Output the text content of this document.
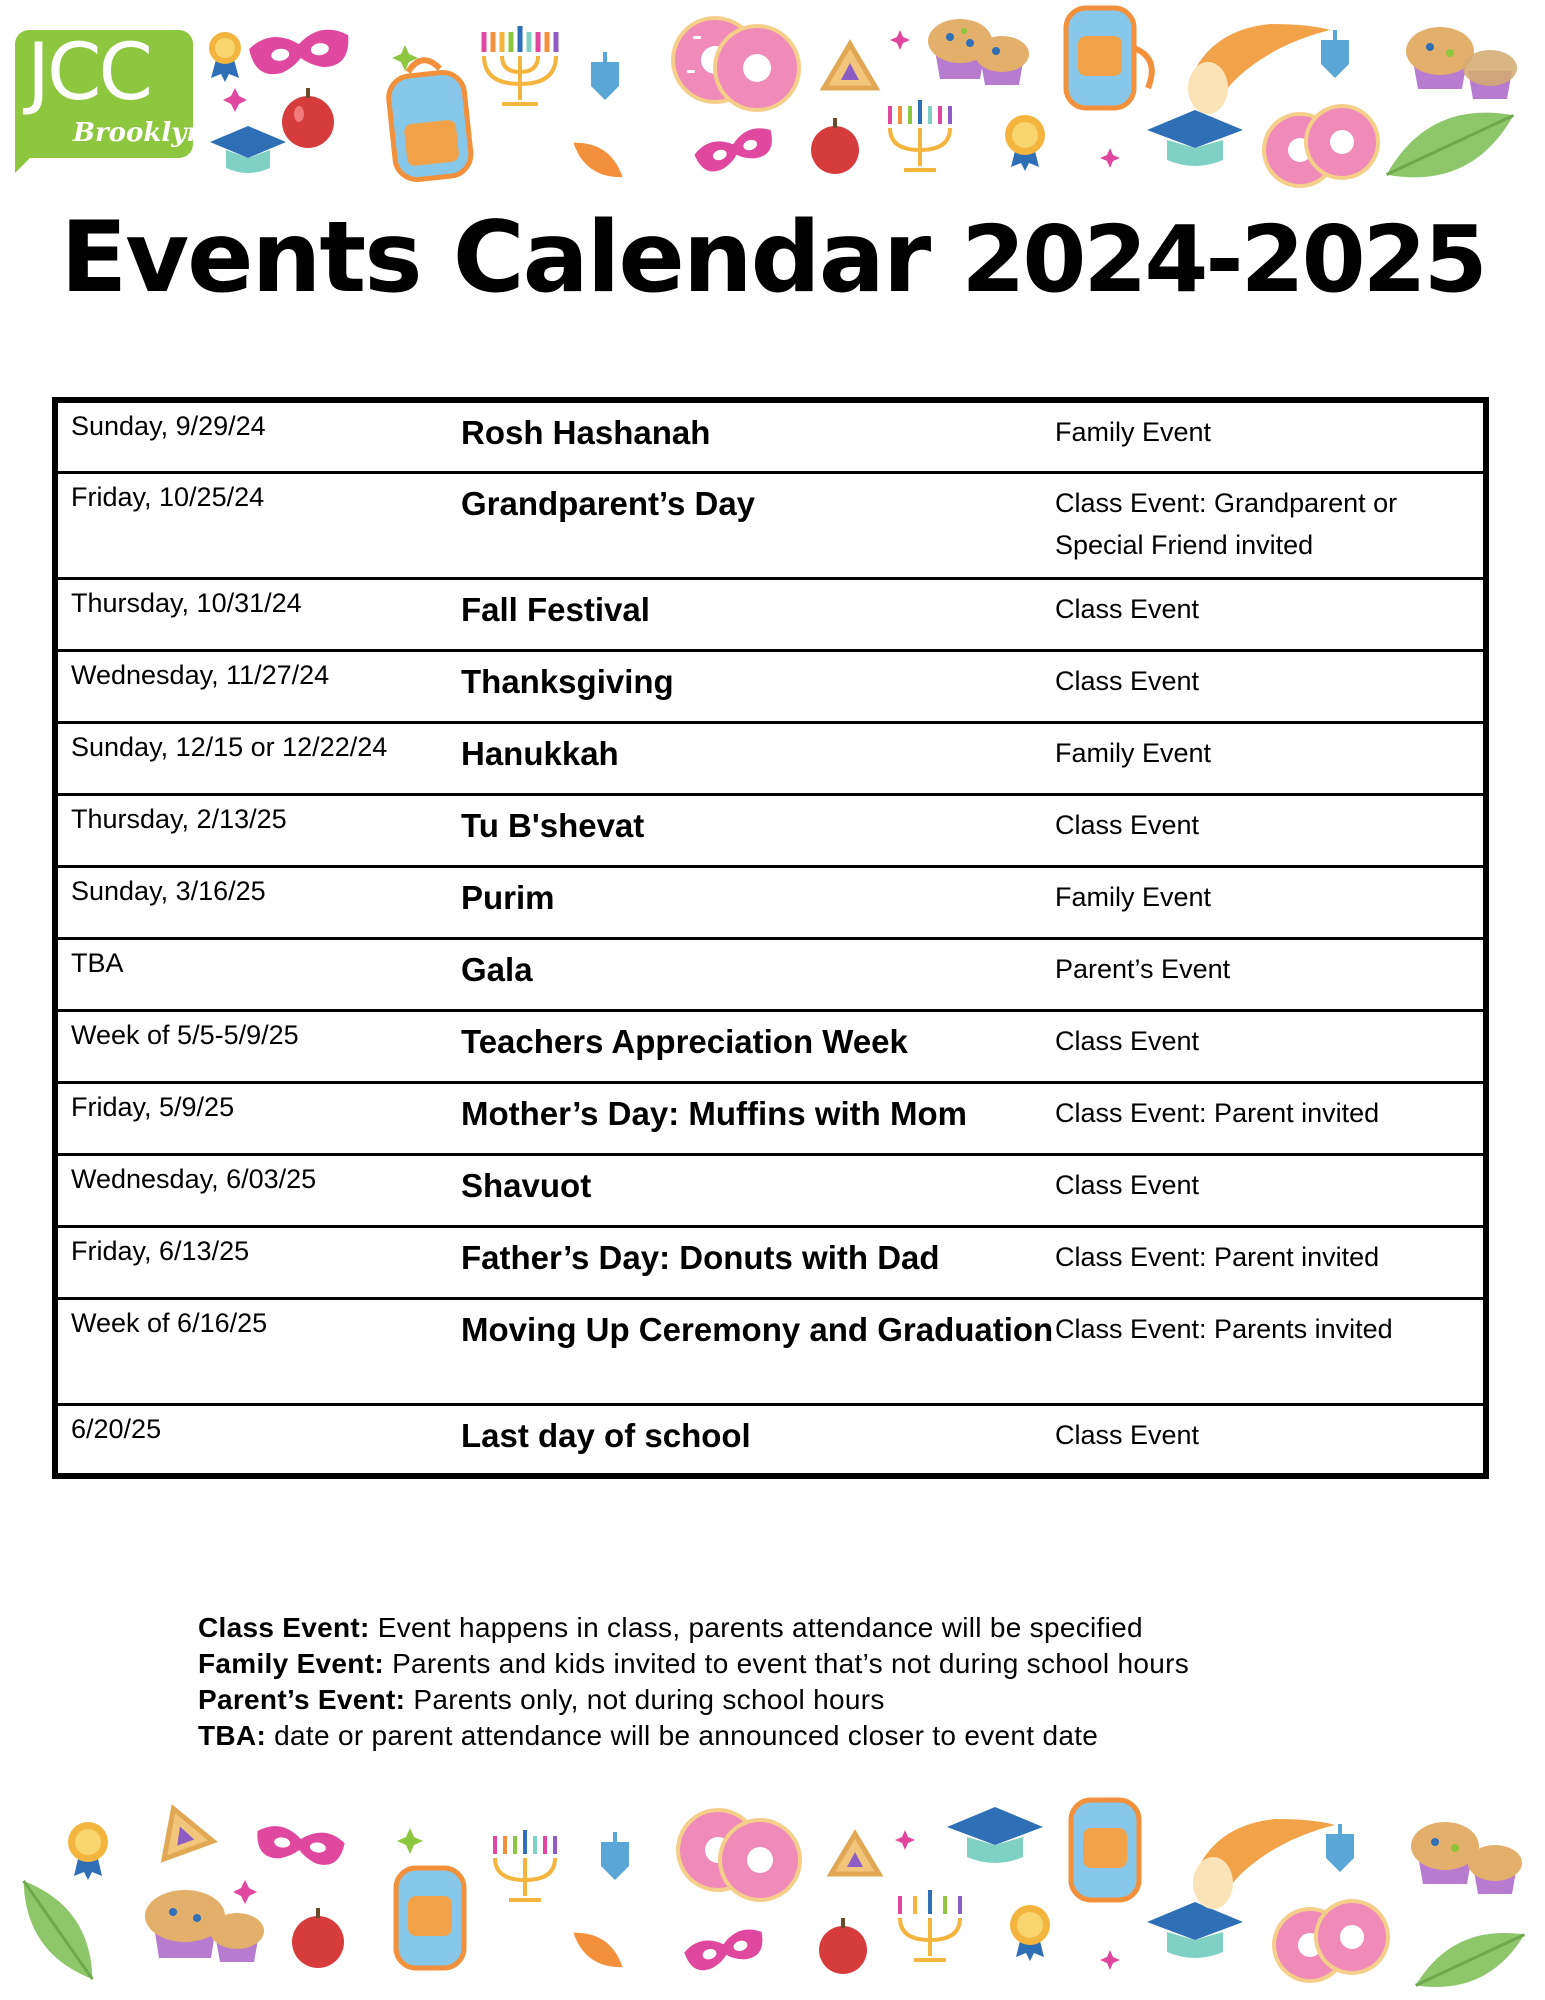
JCC
Brooklyn
Events Calendar 2024-2025
Sunday, 9/29/24	Rosh Hashanah	Family Event
Friday, 10/25/24	Grandparent’s Day	Class Event: Grandparent or Special Friend invited
Thursday, 10/31/24	Fall Festival	Class Event
Wednesday, 11/27/24	Thanksgiving	Class Event
Sunday, 12/15 or 12/22/24	Hanukkah	Family Event
Thursday, 2/13/25	Tu B'shevat	Class Event
Sunday, 3/16/25	Purim	Family Event
TBA	Gala	Parent’s Event
Week of 5/5-5/9/25	Teachers Appreciation Week	Class Event
Friday, 5/9/25	Mother’s Day: Muffins with Mom	Class Event: Parent invited
Wednesday, 6/03/25	Shavuot	Class Event
Friday, 6/13/25	Father’s Day: Donuts with Dad	Class Event: Parent invited
Week of 6/16/25	Moving Up Ceremony and Graduation	Class Event: Parents invited
6/20/25	Last day of school	Class Event
Class Event: Event happens in class, parents attendance will be specified
Family Event: Parents and kids invited to event that’s not during school hours
Parent’s Event: Parents only, not during school hours
TBA: date or parent attendance will be announced closer to event date
